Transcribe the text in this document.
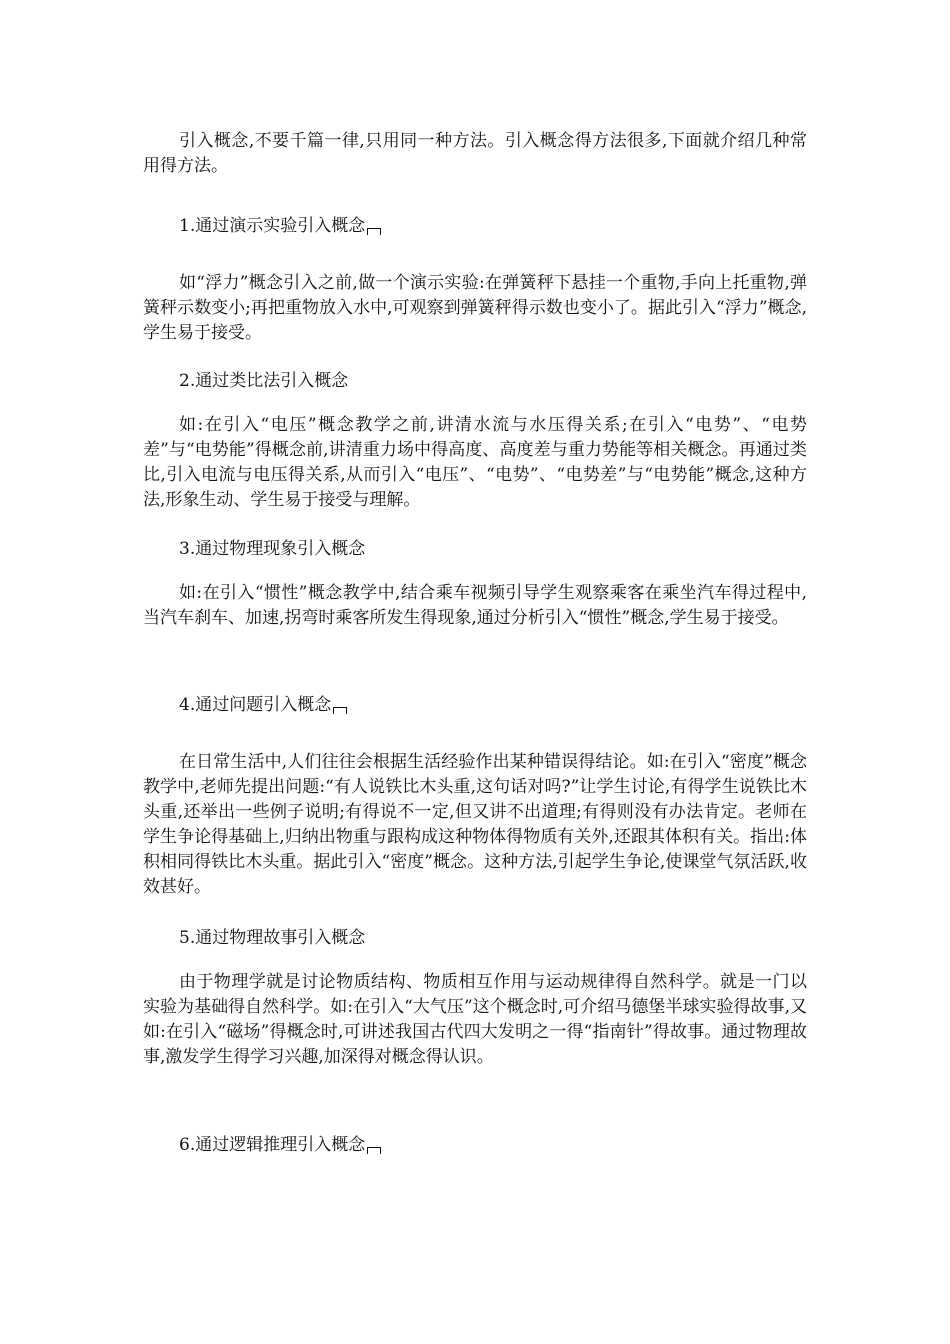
引入概念,不要千篇一律,只用同一种方法。引入概念得方法很多,下面就介绍几种常用得方法。

1.通过演示实验引入概念

如“浮力”概念引入之前,做一个演示实验:在弹簧秤下悬挂一个重物,手向上托重物,弹簧秤示数变小;再把重物放入水中,可观察到弹簧秤得示数也变小了。据此引入“浮力”概念,学生易于接受。

2.通过类比法引入概念

如:在引入“电压”概念教学之前,讲清水流与水压得关系;在引入“电势”、“电势差”与“电势能”得概念前,讲清重力场中得高度、高度差与重力势能等相关概念。再通过类比,引入电流与电压得关系,从而引入“电压”、“电势”、“电势差”与“电势能”概念,这种方法,形象生动、学生易于接受与理解。

3.通过物理现象引入概念

如:在引入“惯性”概念教学中,结合乘车视频引导学生观察乘客在乘坐汽车得过程中,当汽车刹车、加速,拐弯时乘客所发生得现象,通过分析引入“惯性”概念,学生易于接受。

4.通过问题引入概念

在日常生活中,人们往往会根据生活经验作出某种错误得结论。如:在引入“密度”概念教学中,老师先提出问题:“有人说铁比木头重,这句话对吗?”让学生讨论,有得学生说铁比木头重,还举出一些例子说明;有得说不一定,但又讲不出道理;有得则没有办法肯定。老师在学生争论得基础上,归纳出物重与跟构成这种物体得物质有关外,还跟其体积有关。指出:体积相同得铁比木头重。据此引入“密度”概念。这种方法,引起学生争论,使课堂气氛活跃,收效甚好。

5.通过物理故事引入概念

由于物理学就是讨论物质结构、物质相互作用与运动规律得自然科学。就是一门以实验为基础得自然科学。如:在引入“大气压”这个概念时,可介绍马德堡半球实验得故事,又如:在引入“磁场”得概念时,可讲述我国古代四大发明之一得“指南针”得故事。通过物理故事,激发学生得学习兴趣,加深得对概念得认识。

6.通过逻辑推理引入概念
